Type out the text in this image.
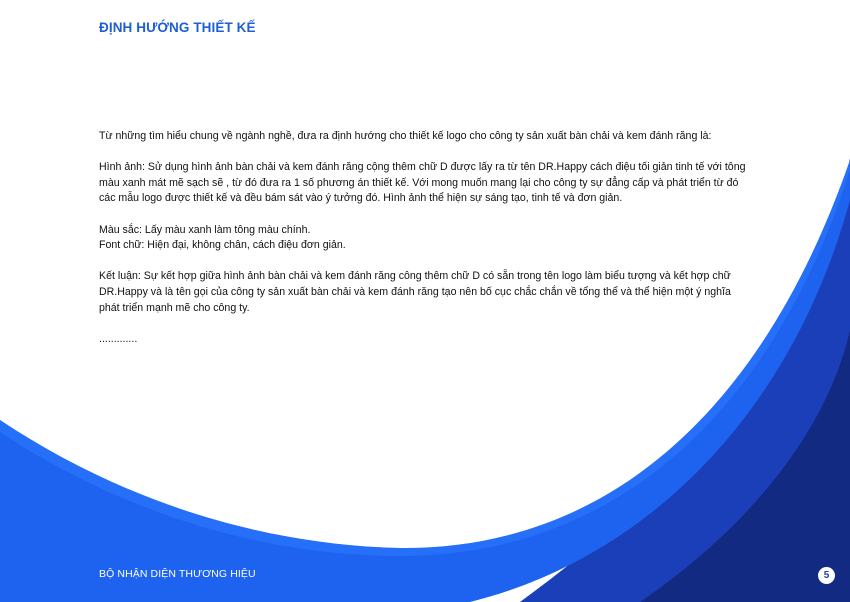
ĐỊNH HƯỚNG THIẾT KẾ

Từ những tìm hiểu chung về ngành nghề, đưa ra định hướng cho thiết kế logo cho công ty sản xuất bàn chải và kem đánh răng là:

Hình ảnh: Sử dụng hình ảnh bàn chải và kem đánh răng cộng thêm chữ D được lấy ra từ tên DR.Happy cách điệu tối giản tinh tế với tông

màu xanh mát mẽ sạch sẽ , từ đó đưa ra 1 số phương án thiết kế. Với mong muốn mang lại cho công ty sự đẳng cấp và phát triển từ đó

các mẫu logo được thiết kế và đều bám sát vào ý tưởng đó. Hình ảnh thể hiện sự sáng tạo, tinh tế và đơn giản.

Màu sắc: Lấy màu xanh làm tông màu chính.

Font chữ: Hiện đại, không chân, cách điệu đơn giản.

Kết luận: Sự kết hợp giữa hình ảnh bàn chải và kem đánh răng công thêm chữ D có sẵn trong tên logo làm biểu tượng và kết hợp chữ

DR.Happy và là tên gọi của công ty sản xuất bàn chải và kem đánh răng tạo nên bố cục chắc chắn về tổng thể và thể hiện một ý nghĩa

phát triển mạnh mẽ cho công ty.

.............

BỘ NHẬN DIỆN THƯƠNG HIỆU	5
